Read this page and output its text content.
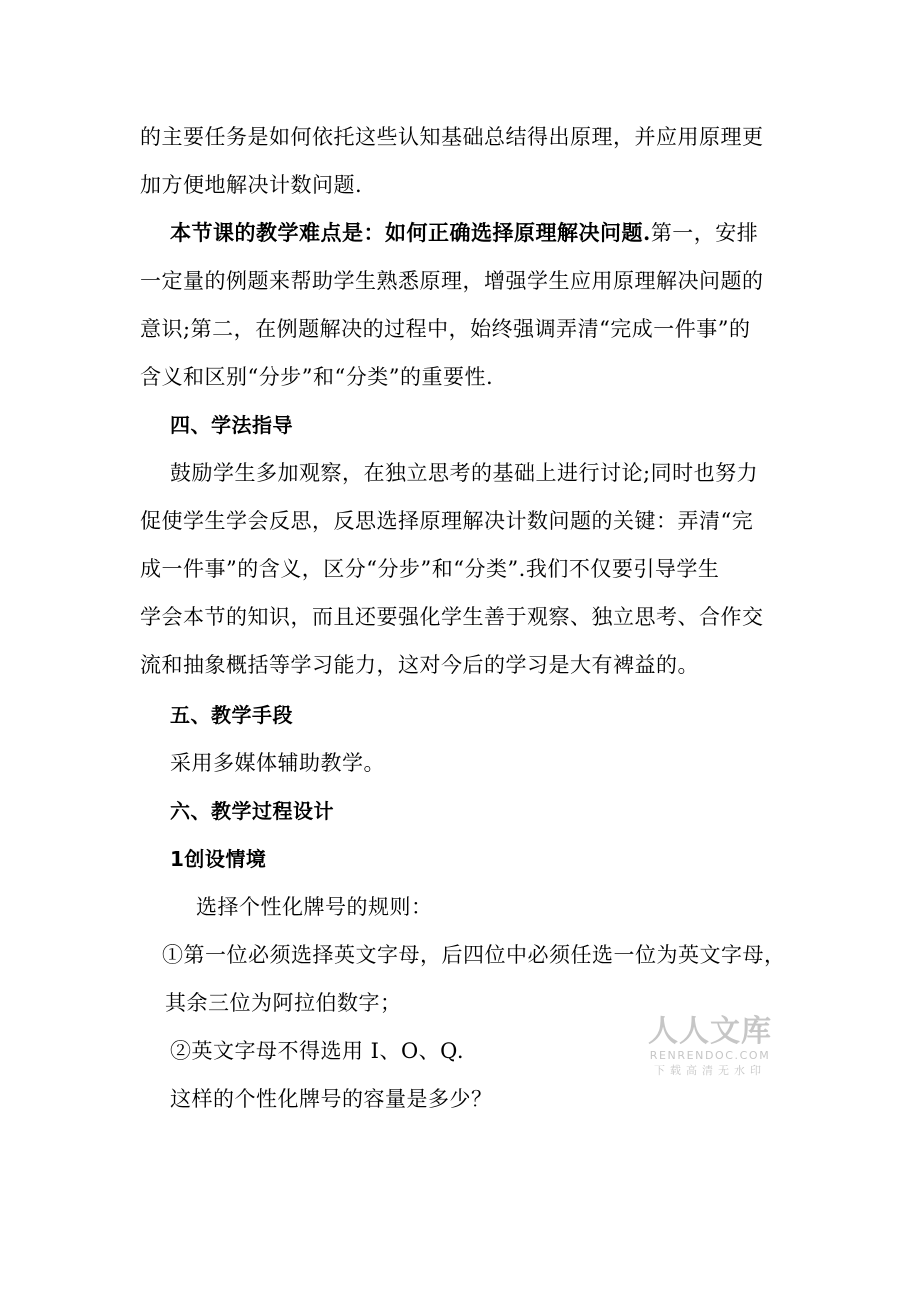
的主要任务是如何依托这些认知基础总结得出原理，并应用原理更
加方便地解决计数问题.
本节课的教学难点是：如何正确选择原理解决问题.第一，安排
一定量的例题来帮助学生熟悉原理，增强学生应用原理解决问题的
意识;第二，在例题解决的过程中，始终强调弄清“完成一件事”的
含义和区别“分步”和“分类”的重要性.
四、学法指导
鼓励学生多加观察，在独立思考的基础上进行讨论;同时也努力
促使学生学会反思，反思选择原理解决计数问题的关键：弄清“完
成一件事”的含义，区分“分步”和“分类”.我们不仅要引导学生
学会本节的知识，而且还要强化学生善于观察、独立思考、合作交
流和抽象概括等学习能力，这对今后的学习是大有裨益的。
五、教学手段
采用多媒体辅助教学。
六、教学过程设计
1创设情境
选择个性化牌号的规则：
①第一位必须选择英文字母，后四位中必须任选一位为英文字母，
其余三位为阿拉伯数字；
②英文字母不得选用 I、O、Q.
这样的个性化牌号的容量是多少？
人人文库
RENRENDOC.COM
下载高清无水印
